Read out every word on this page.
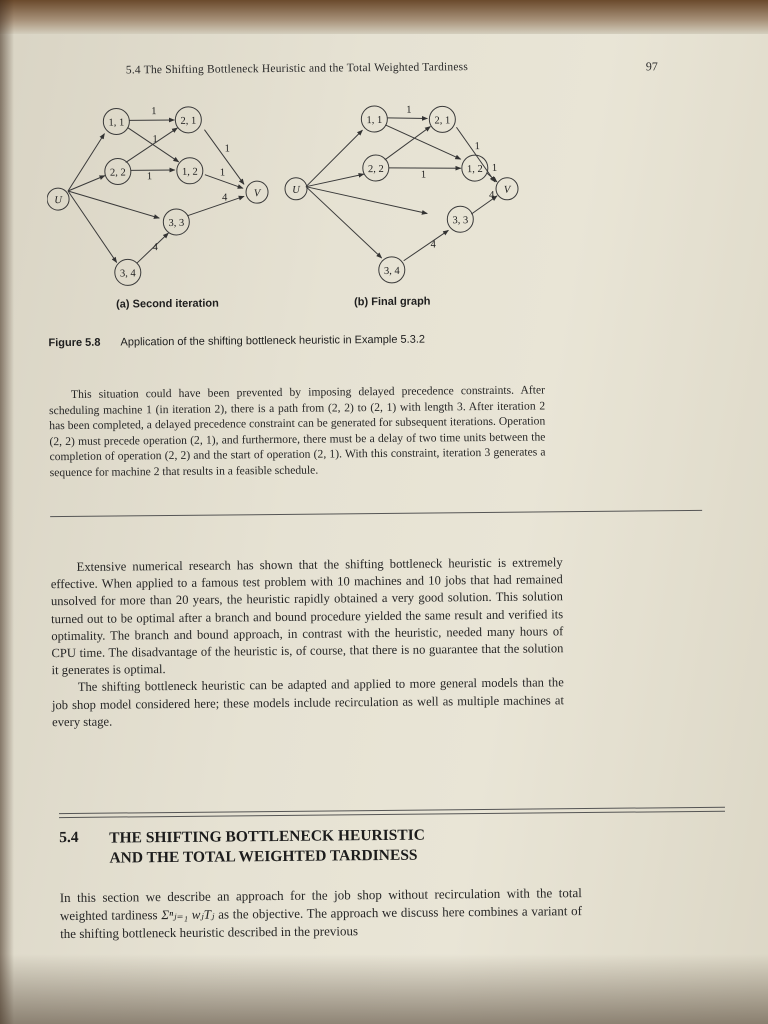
5.4 The Shifting Bottleneck Heuristic and the Total Weighted Tardiness	97
U
1, 1	2, 1
2, 2	1, 2
V
3, 3
3, 4
1
1
1
1	1
4
4
U
1, 1	2, 1
2, 2	1, 2
V
3, 3
3, 4
1
1
1
1
4
4
(a) Second iteration	(b) Final graph
Figure 5.8 Application of the shifting bottleneck heuristic in Example 5.3.2

This situation could have been prevented by imposing delayed precedence constraints. After scheduling machine 1 (in iteration 2), there is a path from (2, 2) to (2, 1) with length 3. After iteration 2 has been completed, a delayed precedence constraint can be generated for subsequent iterations. Operation (2, 2) must precede operation (2, 1), and furthermore, there must be a delay of two time units between the completion of operation (2, 2) and the start of operation (2, 1). With this constraint, iteration 3 generates a sequence for machine 2 that results in a feasible schedule.

Extensive numerical research has shown that the shifting bottleneck heuristic is extremely effective. When applied to a famous test problem with 10 machines and 10 jobs that had remained unsolved for more than 20 years, the heuristic rapidly obtained a very good solution. This solution turned out to be optimal after a branch and bound procedure yielded the same result and verified its optimality. The branch and bound approach, in contrast with the heuristic, needed many hours of CPU time. The disadvantage of the heuristic is, of course, that there is no guarantee that the solution it generates is optimal.

The shifting bottleneck heuristic can be adapted and applied to more general models than the job shop model considered here; these models include recirculation as well as multiple machines at every stage.

5.4 THE SHIFTING BOTTLENECK HEURISTIC
AND THE TOTAL WEIGHTED TARDINESS

In this section we describe an approach for the job shop without recirculation with the total weighted tardiness Σⁿⱼ₌₁ wⱼTⱼ as the objective. The approach we discuss here combines a variant of the shifting bottleneck heuristic described in the previous
